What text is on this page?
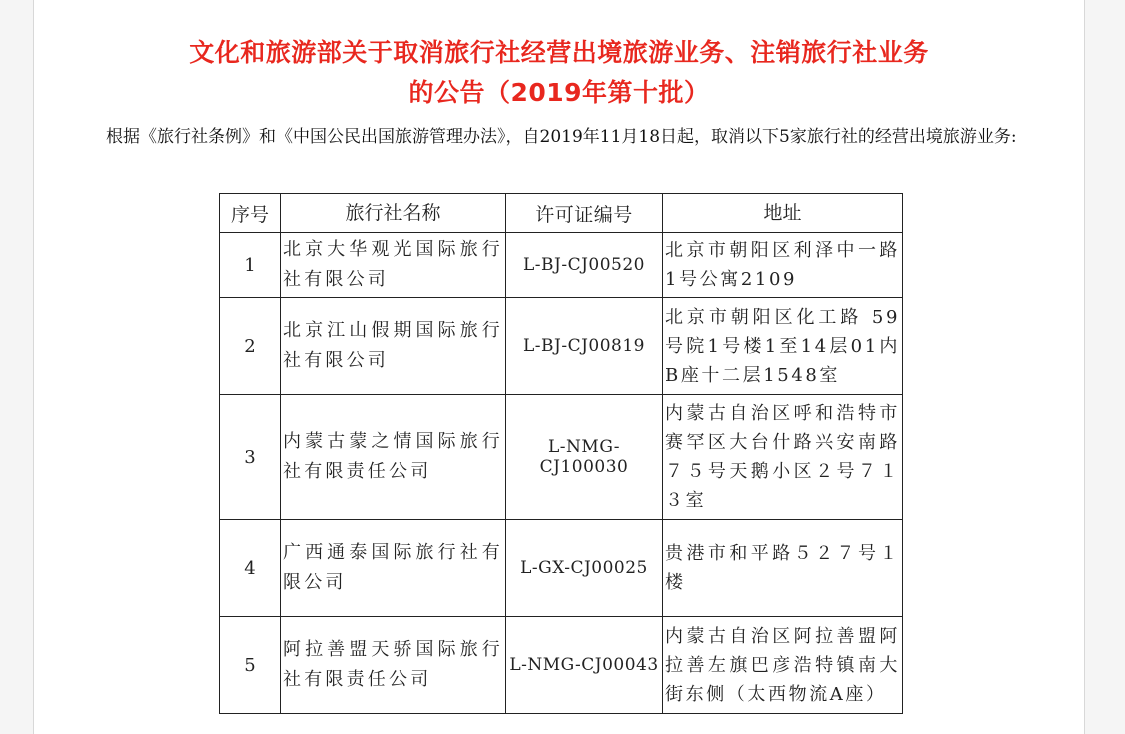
文化和旅游部关于取消旅行社经营出境旅游业务、注销旅行社业务
的公告（2019年第十批）
根据《旅行社条例》和《中国公民出国旅游管理办法》，自2019年11月18日起，取消以下5家旅行社的经营出境旅游业务:
序号	旅行社名称	许可证编号	地址
1	北京大华观光国际旅行社有限公司	L-BJ-CJ00520	北京市朝阳区利泽中一路1号公寓2109
2	北京江山假期国际旅行社有限公司	L-BJ-CJ00819	北京市朝阳区化工路 59号院1号楼1至14层01内B座十二层1548室
3	内蒙古蒙之情国际旅行社有限责任公司	L-NMG-CJ100030	内蒙古自治区呼和浩特市赛罕区大台什路兴安南路７５号天鹅小区２号７１３室
4	广西通泰国际旅行社有限公司	L-GX-CJ00025	贵港市和平路５２７号１楼
5	阿拉善盟天骄国际旅行社有限责任公司	L-NMG-CJ00043	内蒙古自治区阿拉善盟阿拉善左旗巴彦浩特镇南大街东侧（太西物流A座）
